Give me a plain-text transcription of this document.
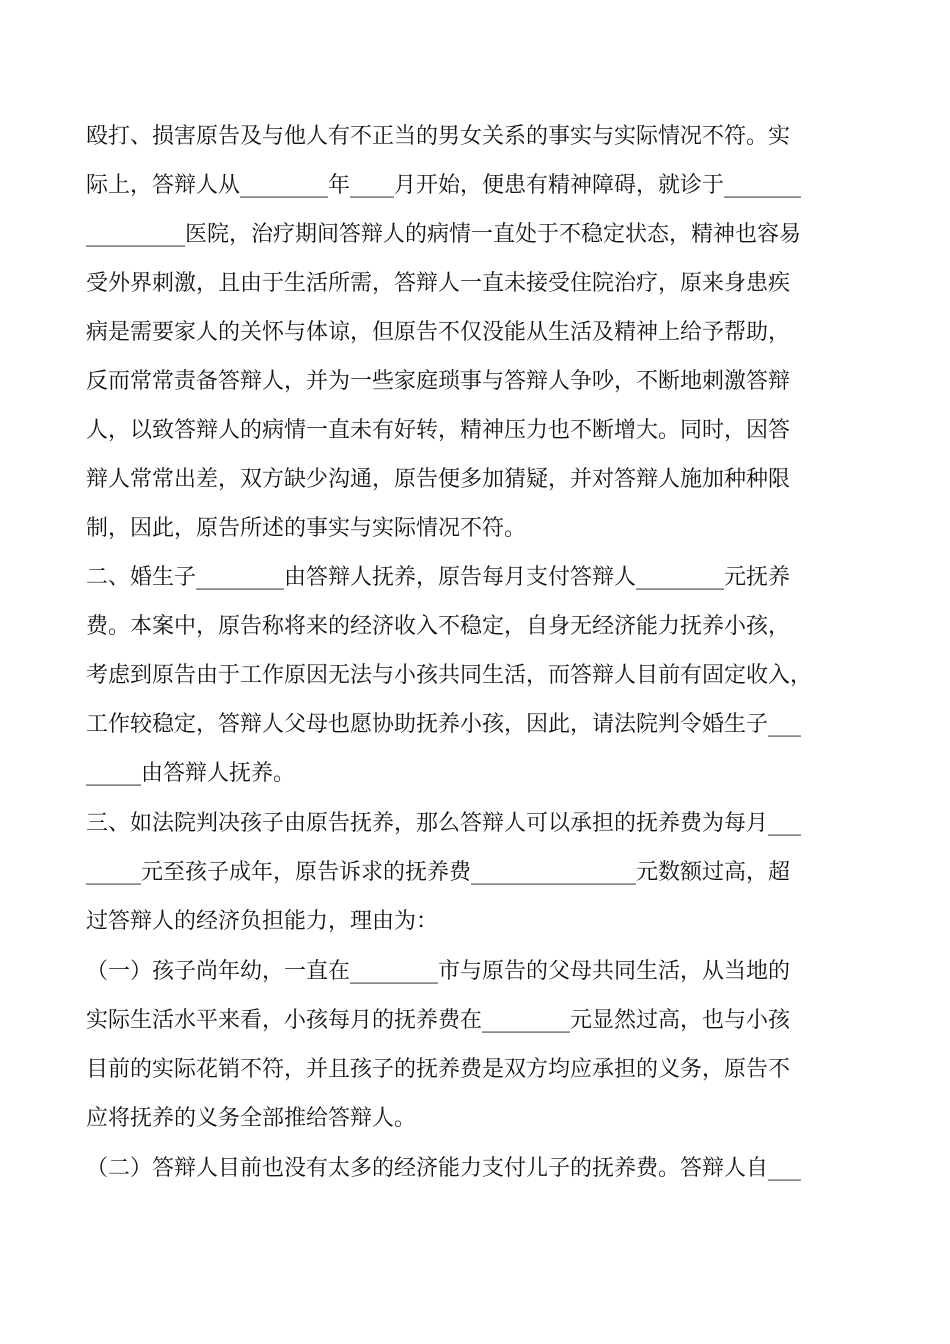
殴打、损害原告及与他人有不正当的男女关系的事实与实际情况不符。实
际上，答辩人从________年____月开始，便患有精神障碍，就诊于_______
_________医院，治疗期间答辩人的病情一直处于不稳定状态，精神也容易
受外界刺激，且由于生活所需，答辩人一直未接受住院治疗，原来身患疾
病是需要家人的关怀与体谅，但原告不仅没能从生活及精神上给予帮助，
反而常常责备答辩人，并为一些家庭琐事与答辩人争吵，不断地刺激答辩
人，以致答辩人的病情一直未有好转，精神压力也不断增大。同时，因答
辩人常常出差，双方缺少沟通，原告便多加猜疑，并对答辩人施加种种限
制，因此，原告所述的事实与实际情况不符。
二、婚生子________由答辩人抚养，原告每月支付答辩人________元抚养
费。本案中，原告称将来的经济收入不稳定，自身无经济能力抚养小孩，
考虑到原告由于工作原因无法与小孩共同生活，而答辩人目前有固定收入，
工作较稳定，答辩人父母也愿协助抚养小孩，因此，请法院判令婚生子___
_____由答辩人抚养。
三、如法院判决孩子由原告抚养，那么答辩人可以承担的抚养费为每月___
_____元至孩子成年，原告诉求的抚养费_______________元数额过高，超
过答辩人的经济负担能力，理由为：
（一）孩子尚年幼，一直在________市与原告的父母共同生活，从当地的
实际生活水平来看，小孩每月的抚养费在________元显然过高，也与小孩
目前的实际花销不符，并且孩子的抚养费是双方均应承担的义务，原告不
应将抚养的义务全部推给答辩人。
（二）答辩人目前也没有太多的经济能力支付儿子的抚养费。答辩人自___
